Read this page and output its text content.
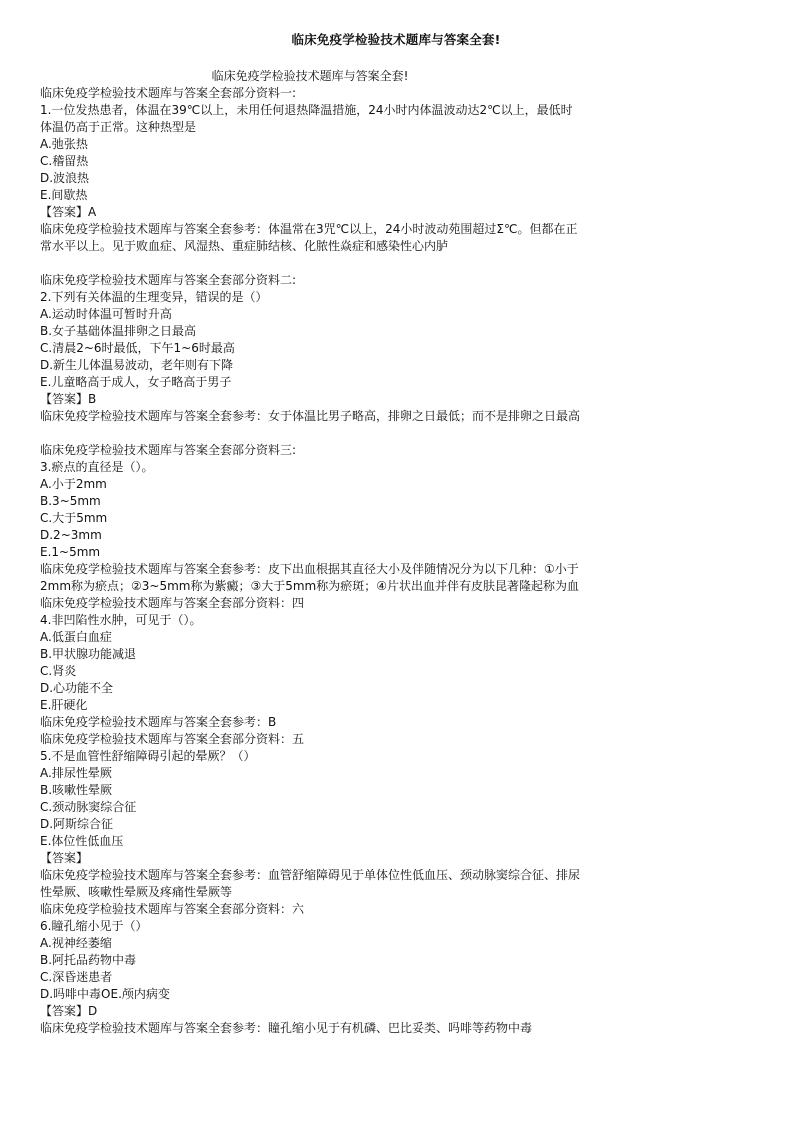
临床免疫学检验技术题库与答案全套!
临床免疫学检验技术题库与答案全套!
临床免疫学检验技术题库与答案全套部分资料一:
1.一位发热患者，体温在39℃以上，未用任何退热降温措施，24小时内体温波动达2℃以上，最低时体温仍高于正常。这种热型是
A.弛张热
C.稽留热
D.波浪热
E.间歇热
【答案】A
临床免疫学检验技术题库与答案全套参考：体温常在3咒℃以上，24小时波动苑围超过Σ℃。但都在正常水平以上。见于败血症、风湿热、重症肺结核、化脓性焱症和感染性心内胪
临床免疫学检验技术题库与答案全套部分资料二:
2.下列有关体温的生理变异，错误的是（）
A.运动时体温可暂时升高
B.女子基础体温排卵之日最高
C.清晨2~6时最低，下午1~6时最高
D.新生儿体温易波动，老年则有下降
E.儿童略高于成人，女子略高于男子
【答案】B
临床免疫学检验技术题库与答案全套参考：女于体温比男子略高，排卵之日最低；而不是排卵之日最高
临床免疫学检验技术题库与答案全套部分资料三:
3.瘀点的直径是（）。
A.小于2mm
B.3~5mm
C.大于5mm
D.2~3mm
E.1~5mm
临床免疫学检验技术题库与答案全套参考：皮下出血根据其直径大小及伴随情况分为以下几种：①小于2mm称为瘀点；②3~5mm称为紫癜；③大于5mm称为瘀斑；④片状出血并伴有皮肤昆著隆起称为血
临床免疫学检验技术题库与答案全套部分资料：四
4.非凹陷性水肿，可见于（）。
A.低蛋白血症
B.甲状腺功能减退
C.肾炎
D.心功能不全
E.肝硬化
临床免疫学检验技术题库与答案全套参考：B
临床免疫学检验技术题库与答案全套部分资料：五
5.不是血管性舒缩障碍引起的晕厥？（）
A.排尿性晕厥
B.咳嗽性晕厥
C.颈动脉窦综合征
D.阿斯综合征
E.体位性低血压
【答案】
临床免疫学检验技术题库与答案全套参考：血管舒缩障碍见于单体位性低血压、颈动脉窦综合征、排尿性晕厥、咳嗽性晕厥及疼痛性晕厥等
临床免疫学检验技术题库与答案全套部分资料：六
6.瞳孔缩小见于（）
A.视神经萎缩
B.阿托品药物中毒
C.深昏迷患者
D.吗啡中毒OE.颅内病变
【答案】D
临床免疫学检验技术题库与答案全套参考：瞳孔缩小见于有机磷、巴比妥类、吗啡等药物中毒
